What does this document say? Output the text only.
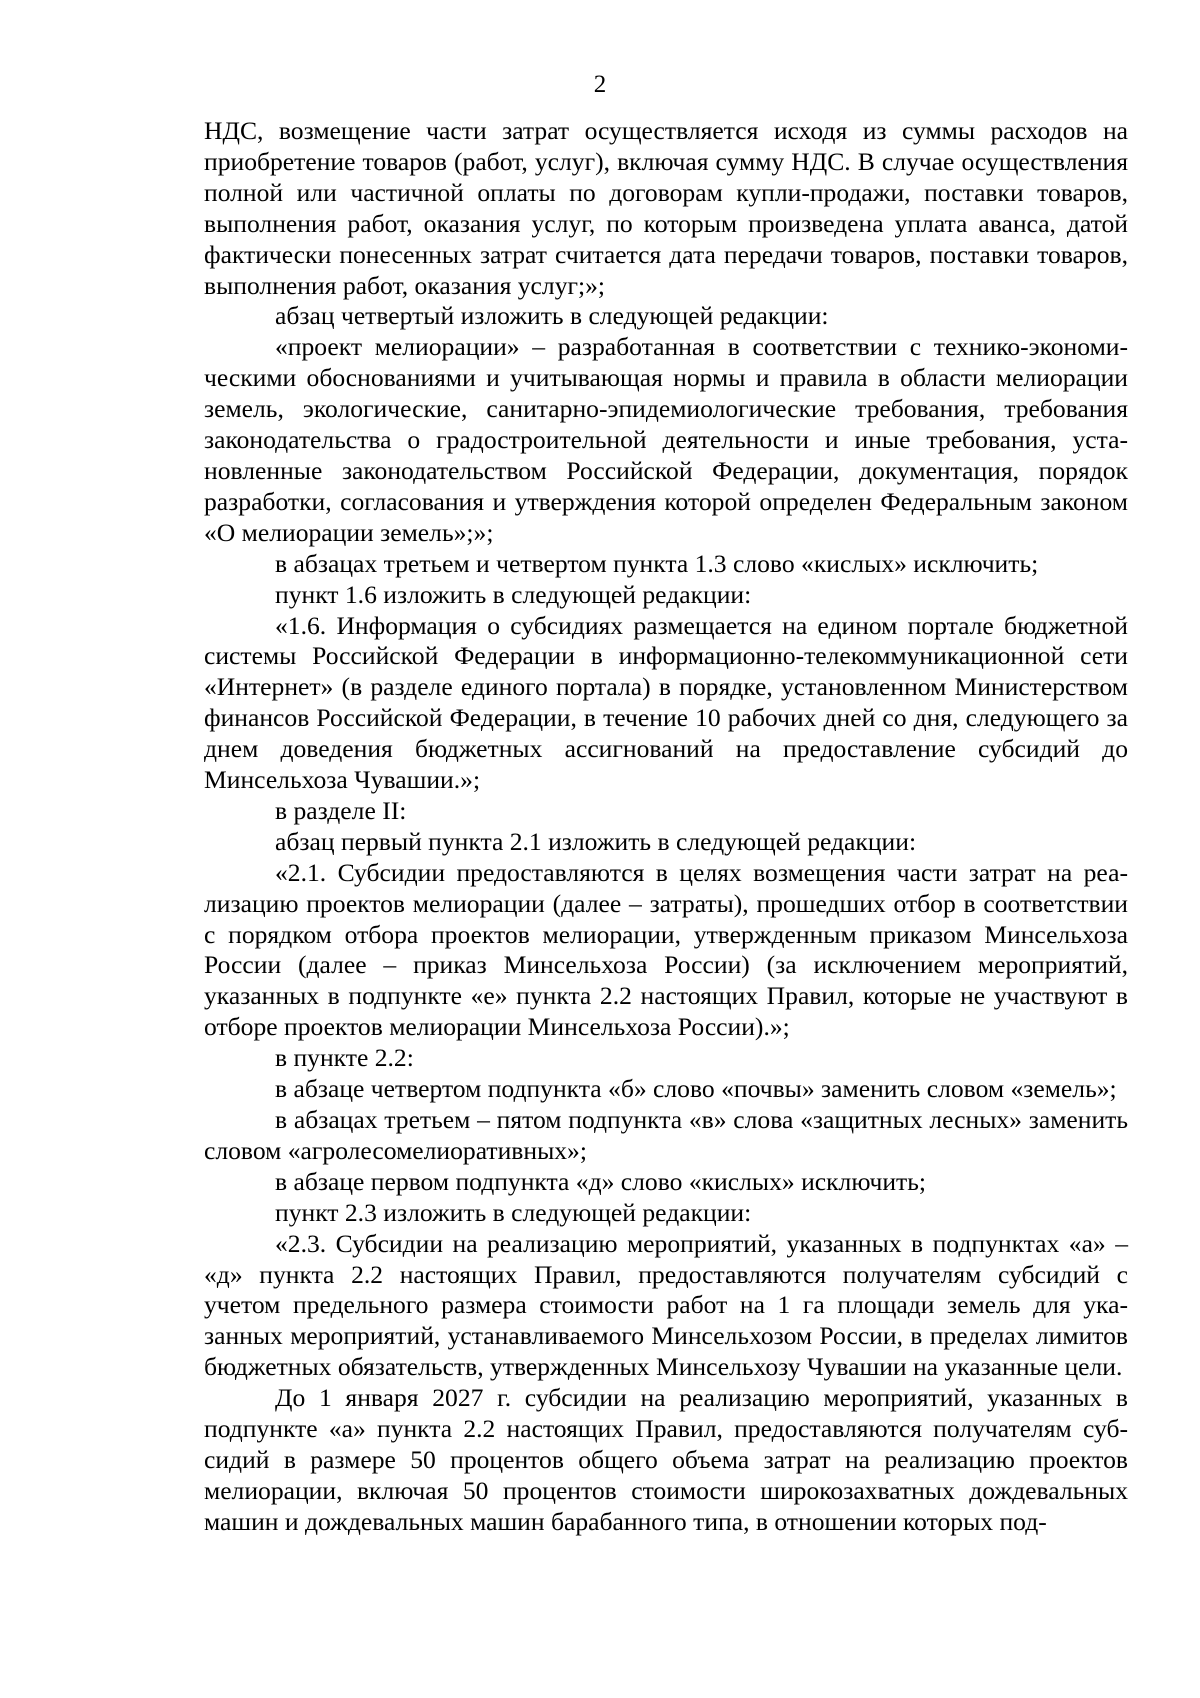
2

НДС, возмещение части затрат осуществляется исходя из суммы расходов на приобретение товаров (работ, услуг), включая сумму НДС. В случае осуществления полной или частичной оплаты по договорам купли-продажи, поставки товаров, выполнения работ, оказания услуг, по которым произведена уплата аванса, датой фактически понесенных затрат считается дата передачи товаров, поставки товаров, выполнения работ, оказания услуг;»;

абзац четвертый изложить в следующей редакции:

«проект мелиорации» – разработанная в соответствии с технико-экономическими обоснованиями и учитывающая нормы и правила в области мелиорации земель, экологические, санитарно-эпидемиологические требования, требования законодательства о градостроительной деятельности и иные требования, установленные законодательством Российской Федерации, документация, порядок разработки, согласования и утверждения которой определен Федеральным законом «О мелиорации земель»;»;

в абзацах третьем и четвертом пункта 1.3 слово «кислых» исключить;

пункт 1.6 изложить в следующей редакции:

«1.6. Информация о субсидиях размещается на едином портале бюджетной системы Российской Федерации в информационно-телекоммуникационной сети «Интернет» (в разделе единого портала) в порядке, установленном Министерством финансов Российской Федерации, в течение 10 рабочих дней со дня, следующего за днем доведения бюджетных ассигнований на предоставление субсидий до Минсельхоза Чувашии.»;

в разделе II:

абзац первый пункта 2.1 изложить в следующей редакции:

«2.1. Субсидии предоставляются в целях возмещения части затрат на реализацию проектов мелиорации (далее – затраты), прошедших отбор в соответствии с порядком отбора проектов мелиорации, утвержденным приказом Минсельхоза России (далее – приказ Минсельхоза России) (за исключением мероприятий, указанных в подпункте «е» пункта 2.2 настоящих Правил, которые не участвуют в отборе проектов мелиорации Минсельхоза России).»;

в пункте 2.2:

в абзаце четвертом подпункта «б» слово «почвы» заменить словом «земель»;

в абзацах третьем – пятом подпункта «в» слова «защитных лесных» заменить словом «агролесомелиоративных»;

в абзаце первом подпункта «д» слово «кислых» исключить;

пункт 2.3 изложить в следующей редакции:

«2.3. Субсидии на реализацию мероприятий, указанных в подпунктах «а» – «д» пункта 2.2 настоящих Правил, предоставляются получателям субсидий с учетом предельного размера стоимости работ на 1 га площади земель для указанных мероприятий, устанавливаемого Минсельхозом России, в пределах лимитов бюджетных обязательств, утвержденных Минсельхозу Чувашии на указанные цели.

До 1 января 2027 г. субсидии на реализацию мероприятий, указанных в подпункте «а» пункта 2.2 настоящих Правил, предоставляются получателям субсидий в размере 50 процентов общего объема затрат на реализацию проектов мелиорации, включая 50 процентов стоимости широкозахватных дождевальных машин и дождевальных машин барабанного типа, в отношении которых под-
